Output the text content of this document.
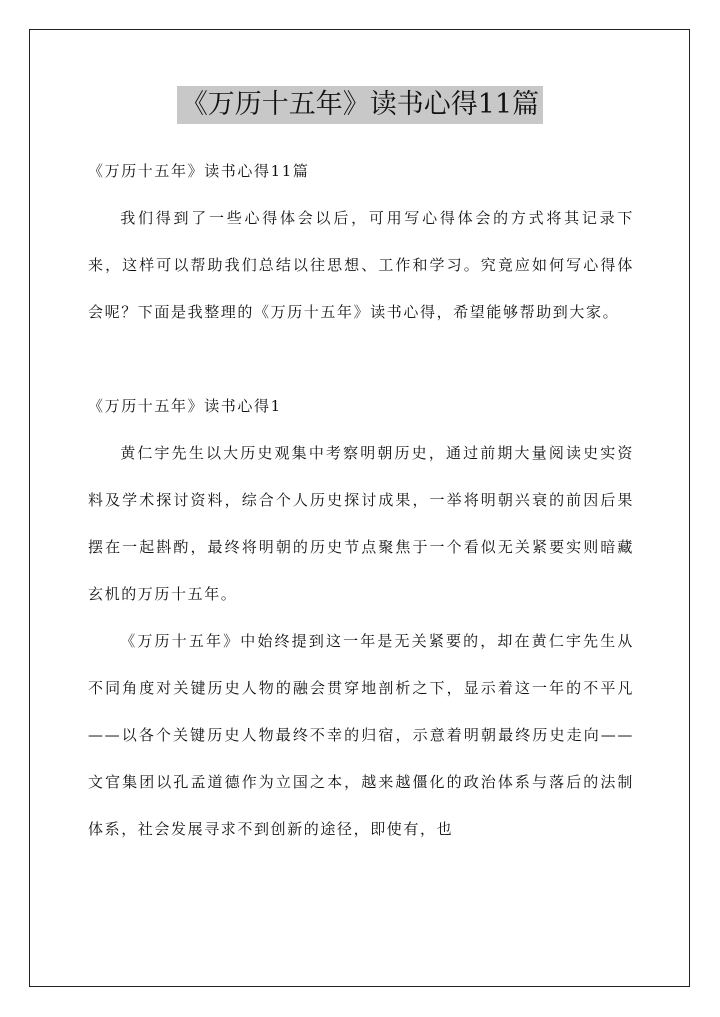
《万历十五年》读书心得11篇

《万历十五年》读书心得11篇

我们得到了一些心得体会以后，可用写心得体会的方式将其记录下来，这样可以帮助我们总结以往思想、工作和学习。究竟应如何写心得体会呢？下面是我整理的《万历十五年》读书心得，希望能够帮助到大家。

《万历十五年》读书心得1

黄仁宇先生以大历史观集中考察明朝历史，通过前期大量阅读史实资料及学术探讨资料，综合个人历史探讨成果，一举将明朝兴衰的前因后果摆在一起斟酌，最终将明朝的历史节点聚焦于一个看似无关紧要实则暗藏玄机的万历十五年。

《万历十五年》中始终提到这一年是无关紧要的，却在黄仁宇先生从不同角度对关键历史人物的融会贯穿地剖析之下，显示着这一年的不平凡——以各个关键历史人物最终不幸的归宿，示意着明朝最终历史走向——文官集团以孔孟道德作为立国之本，越来越僵化的政治体系与落后的法制体系，社会发展寻求不到创新的途径，即使有，也
